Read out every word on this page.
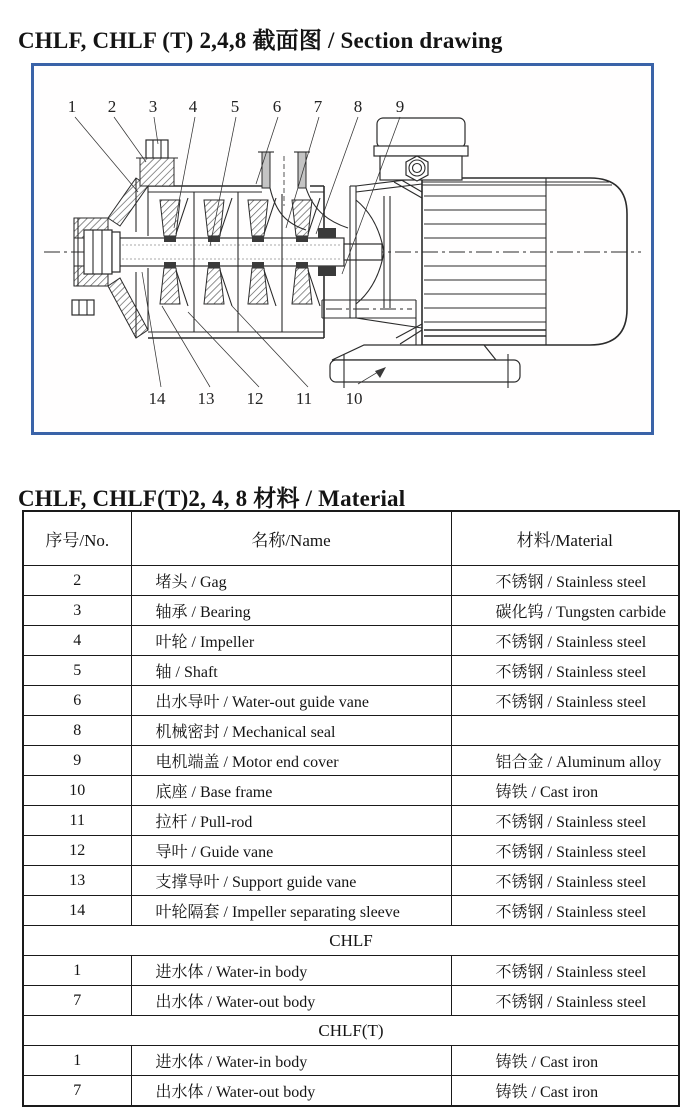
CHLF, CHLF (T) 2,4,8 截面图 / Section drawing
1 2 3 4 5 6 7 8 9
14 13 12 11 10
CHLF, CHLF(T)2, 4, 8 材料 / Material
序号/No.	名称/Name	材料/Material
2	堵头 / Gag	不锈钢 / Stainless steel
3	轴承 / Bearing	碳化钨 / Tungsten carbide
4	叶轮 / Impeller	不锈钢 / Stainless steel
5	轴 / Shaft	不锈钢 / Stainless steel
6	出水导叶 / Water-out guide vane	不锈钢 / Stainless steel
8	机械密封 / Mechanical seal	
9	电机端盖 / Motor end cover	铝合金 / Aluminum alloy
10	底座 / Base frame	铸铁 / Cast iron
11	拉杆 / Pull-rod	不锈钢 / Stainless steel
12	导叶 / Guide vane	不锈钢 / Stainless steel
13	支撑导叶 / Support guide vane	不锈钢 / Stainless steel
14	叶轮隔套 / Impeller separating sleeve	不锈钢 / Stainless steel
CHLF		
1	进水体 / Water-in body	不锈钢 / Stainless steel
7	出水体 / Water-out body	不锈钢 / Stainless steel
CHLF(T)		
1	进水体 / Water-in body	铸铁 / Cast iron
7	出水体 / Water-out body	铸铁 / Cast iron
